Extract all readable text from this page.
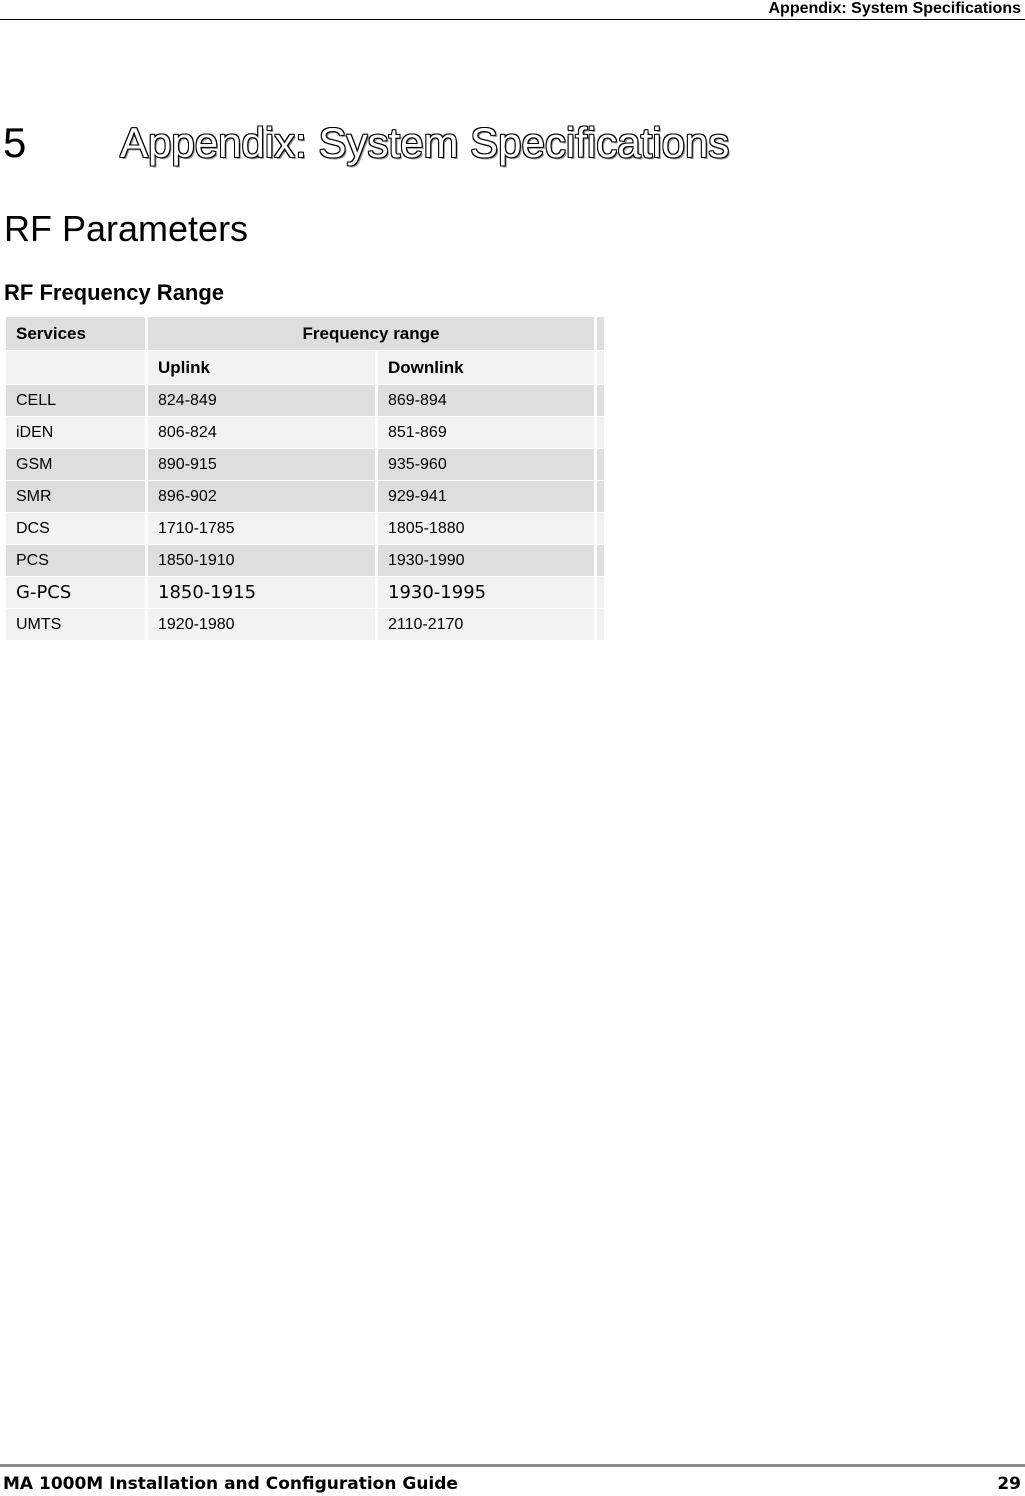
Appendix: System Specifications
5 Appendix: System Specifications
RF Parameters
RF Frequency Range
Services	Frequency range		
	Uplink	Downlink	
CELL	824-849	869-894	
iDEN	806-824	851-869	
GSM	890-915	935-960	
SMR	896-902	929-941	
DCS	1710-1785	1805-1880	
PCS	1850-1910	1930-1990	
G-PCS	1850-1915	1930-1995	
UMTS	1920-1980	2110-2170	
MA 1000M Installation and Configuration Guide	29
